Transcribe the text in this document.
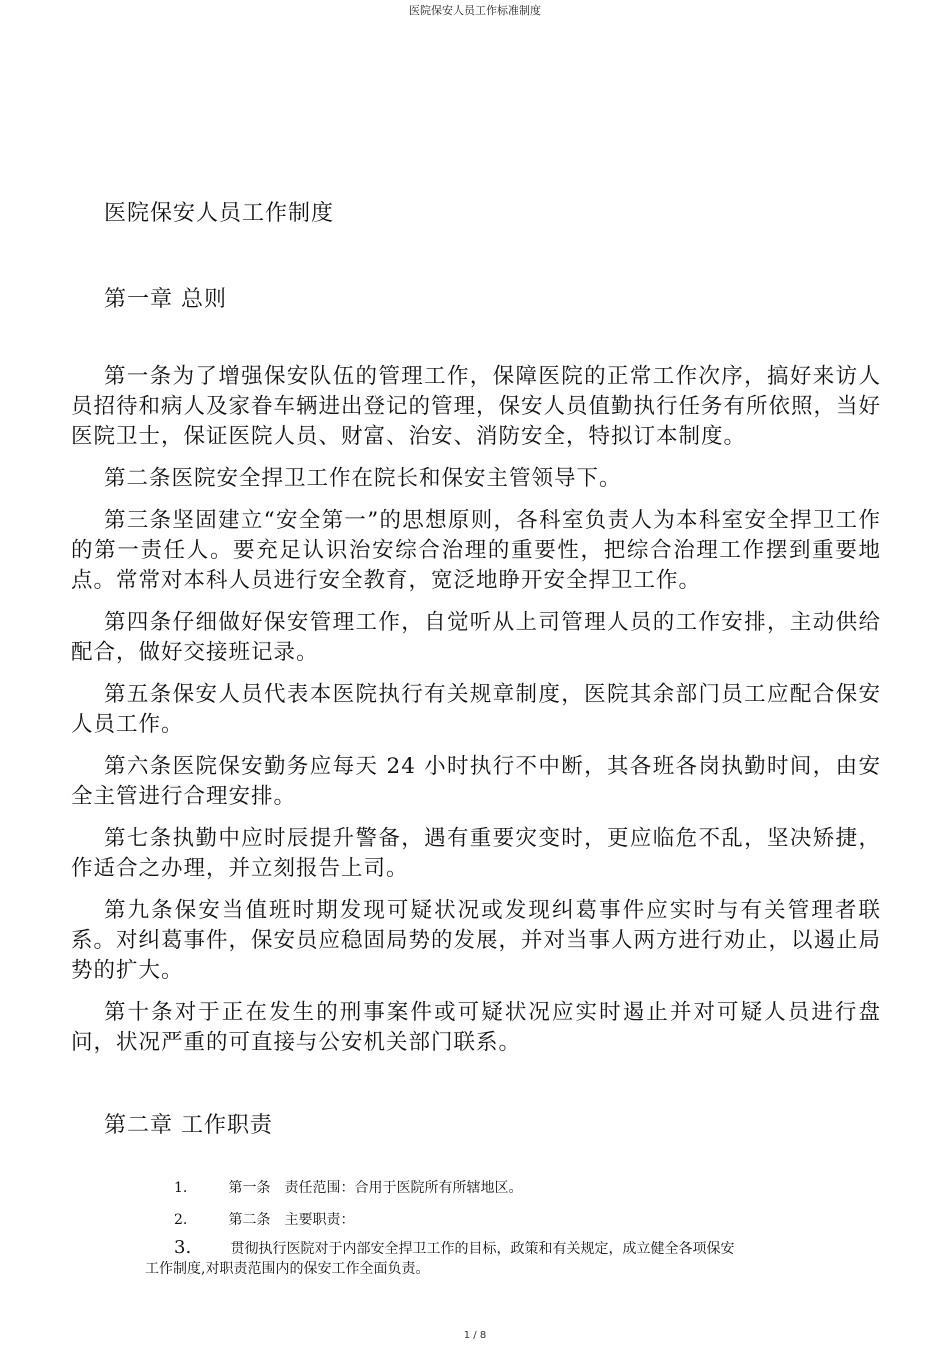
医院保安人员工作标准制度
医院保安人员工作制度
第一章 总则

第一条为了增强保安队伍的管理工作，保障医院的正常工作次序，搞好来访人员招待和病人及家眷车辆进出登记的管理，保安人员值勤执行任务有所依照，当好医院卫士，保证医院人员、财富、治安、消防安全，特拟订本制度。

第二条医院安全捍卫工作在院长和保安主管领导下。

第三条坚固建立“安全第一”的思想原则，各科室负责人为本科室安全捍卫工作的第一责任人。要充足认识治安综合治理的重要性，把综合治理工作摆到重要地点。常常对本科人员进行安全教育，宽泛地睁开安全捍卫工作。

第四条仔细做好保安管理工作，自觉听从上司管理人员的工作安排，主动供给配合，做好交接班记录。

第五条保安人员代表本医院执行有关规章制度，医院其余部门员工应配合保安人员工作。

第六条医院保安勤务应每天 24 小时执行不中断，其各班各岗执勤时间，由安全主管进行合理安排。

第七条执勤中应时辰提升警备，遇有重要灾变时，更应临危不乱，坚决矫捷，作适合之办理，并立刻报告上司。

第九条保安当值班时期发现可疑状况或发现纠葛事件应实时与有关管理者联系。对纠葛事件，保安员应稳固局势的发展，并对当事人两方进行劝止，以遏止局势的扩大。

第十条对于正在发生的刑事案件或可疑状况应实时遏止并对可疑人员进行盘问，状况严重的可直接与公安机关部门联系。

第二章 工作职责
1.	第一条　责任范围：合用于医院所有所辖地区。
2.	第二条　主要职责：
3.	贯彻执行医院对于内部安全捍卫工作的目标，政策和有关规定，成立健全各项保安
工作制度,对职责范围内的保安工作全面负责。
1 / 8
